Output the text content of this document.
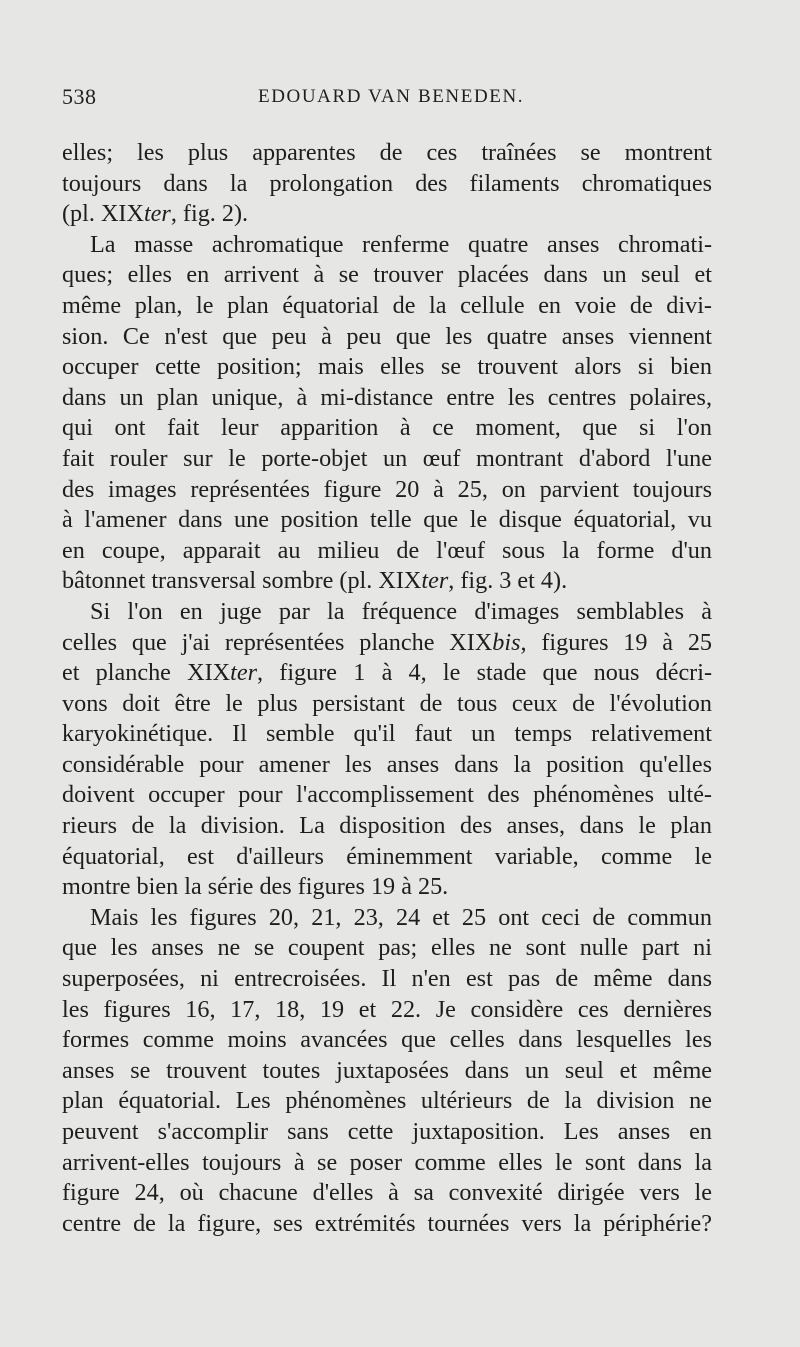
538	EDOUARD VAN BENEDEN.
elles; les plus apparentes de ces traînées se montrent
toujours dans la prolongation des filaments chromatiques
(pl. XIXter, fig. 2).
La masse achromatique renferme quatre anses chromati-
ques; elles en arrivent à se trouver placées dans un seul et
même plan, le plan équatorial de la cellule en voie de divi-
sion. Ce n'est que peu à peu que les quatre anses viennent
occuper cette position; mais elles se trouvent alors si bien
dans un plan unique, à mi-distance entre les centres polaires,
qui ont fait leur apparition à ce moment, que si l'on
fait rouler sur le porte-objet un œuf montrant d'abord l'une
des images représentées figure 20 à 25, on parvient toujours
à l'amener dans une position telle que le disque équatorial, vu
en coupe, apparait au milieu de l'œuf sous la forme d'un
bâtonnet transversal sombre (pl. XIXter, fig. 3 et 4).
Si l'on en juge par la fréquence d'images semblables à
celles que j'ai représentées planche XIXbis, figures 19 à 25
et planche XIXter, figure 1 à 4, le stade que nous décri-
vons doit être le plus persistant de tous ceux de l'évolution
karyokinétique. Il semble qu'il faut un temps relativement
considérable pour amener les anses dans la position qu'elles
doivent occuper pour l'accomplissement des phénomènes ulté-
rieurs de la division. La disposition des anses, dans le plan
équatorial, est d'ailleurs éminemment variable, comme le
montre bien la série des figures 19 à 25.
Mais les figures 20, 21, 23, 24 et 25 ont ceci de commun
que les anses ne se coupent pas; elles ne sont nulle part ni
superposées, ni entrecroisées. Il n'en est pas de même dans
les figures 16, 17, 18, 19 et 22. Je considère ces dernières
formes comme moins avancées que celles dans lesquelles les
anses se trouvent toutes juxtaposées dans un seul et même
plan équatorial. Les phénomènes ultérieurs de la division ne
peuvent s'accomplir sans cette juxtaposition. Les anses en
arrivent-elles toujours à se poser comme elles le sont dans la
figure 24, où chacune d'elles à sa convexité dirigée vers le
centre de la figure, ses extrémités tournées vers la périphérie?
